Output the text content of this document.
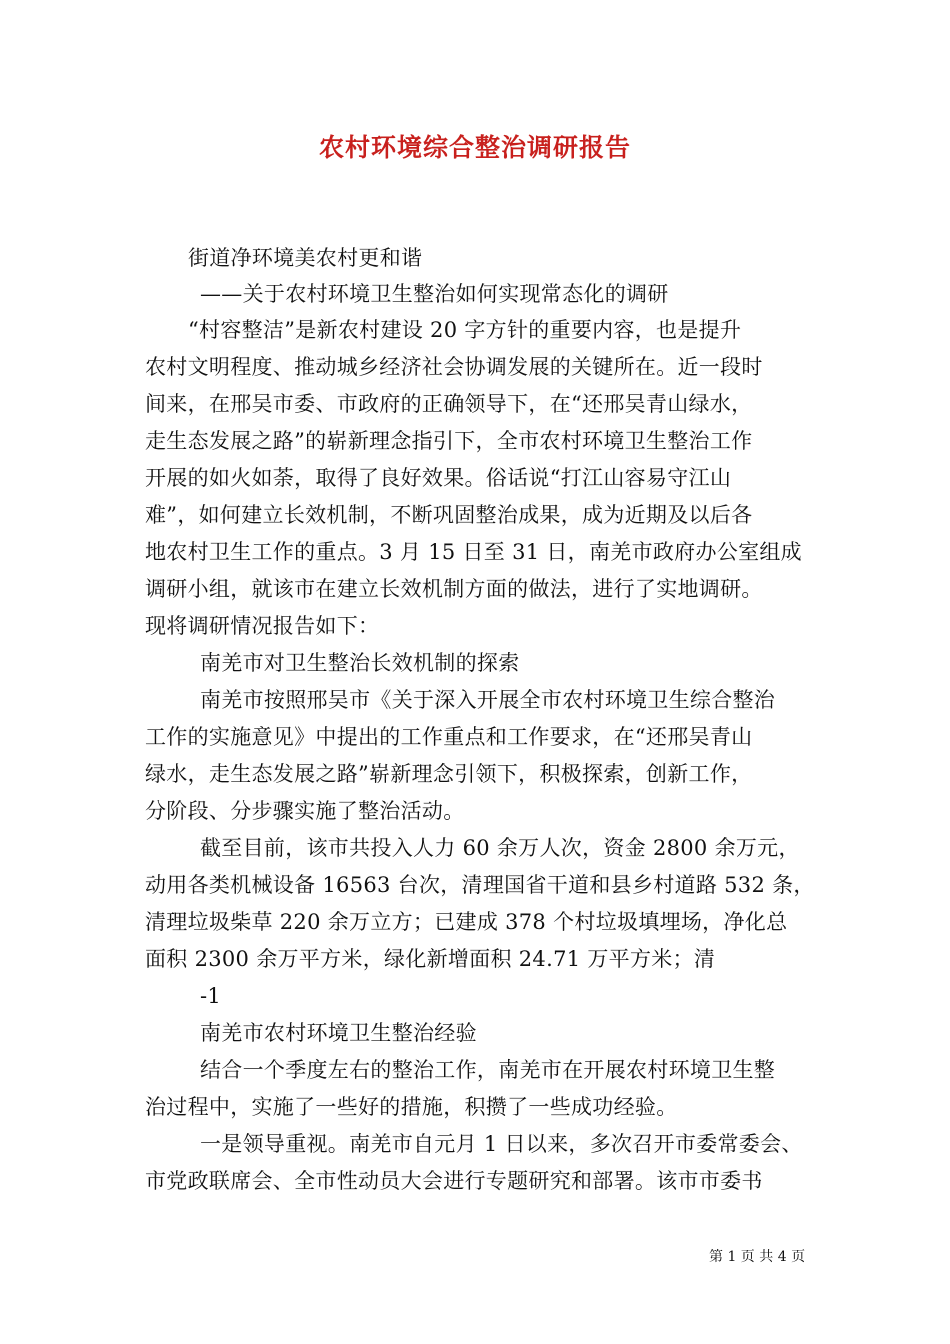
农村环境综合整治调研报告
街道净环境美农村更和谐
——关于农村环境卫生整治如何实现常态化的调研
“村容整洁”是新农村建设 20 字方针的重要内容，也是提升
农村文明程度、推动城乡经济社会协调发展的关键所在。近一段时
间来，在邢吴市委、市政府的正确领导下，在“还邢吴青山绿水，
走生态发展之路”的崭新理念指引下，全市农村环境卫生整治工作
开展的如火如荼，取得了良好效果。俗话说“打江山容易守江山
难”，如何建立长效机制，不断巩固整治成果，成为近期及以后各
地农村卫生工作的重点。3 月 15 日至 31 日，南羌市政府办公室组成
调研小组，就该市在建立长效机制方面的做法，进行了实地调研。
现将调研情况报告如下：
南羌市对卫生整治长效机制的探索
南羌市按照邢吴市《关于深入开展全市农村环境卫生综合整治
工作的实施意见》中提出的工作重点和工作要求，在“还邢吴青山
绿水，走生态发展之路”崭新理念引领下，积极探索，创新工作，
分阶段、分步骤实施了整治活动。
截至目前，该市共投入人力 60 余万人次，资金 2800 余万元，
动用各类机械设备 16563 台次，清理国省干道和县乡村道路 532 条，
清理垃圾柴草 220 余万立方；已建成 378 个村垃圾填埋场，净化总
面积 2300 余万平方米，绿化新增面积 24.71 万平方米；清
-1
南羌市农村环境卫生整治经验
结合一个季度左右的整治工作，南羌市在开展农村环境卫生整
治过程中，实施了一些好的措施，积攒了一些成功经验。
一是领导重视。南羌市自元月 1 日以来，多次召开市委常委会、
市党政联席会、全市性动员大会进行专题研究和部署。该市市委书
第 1 页 共 4 页
